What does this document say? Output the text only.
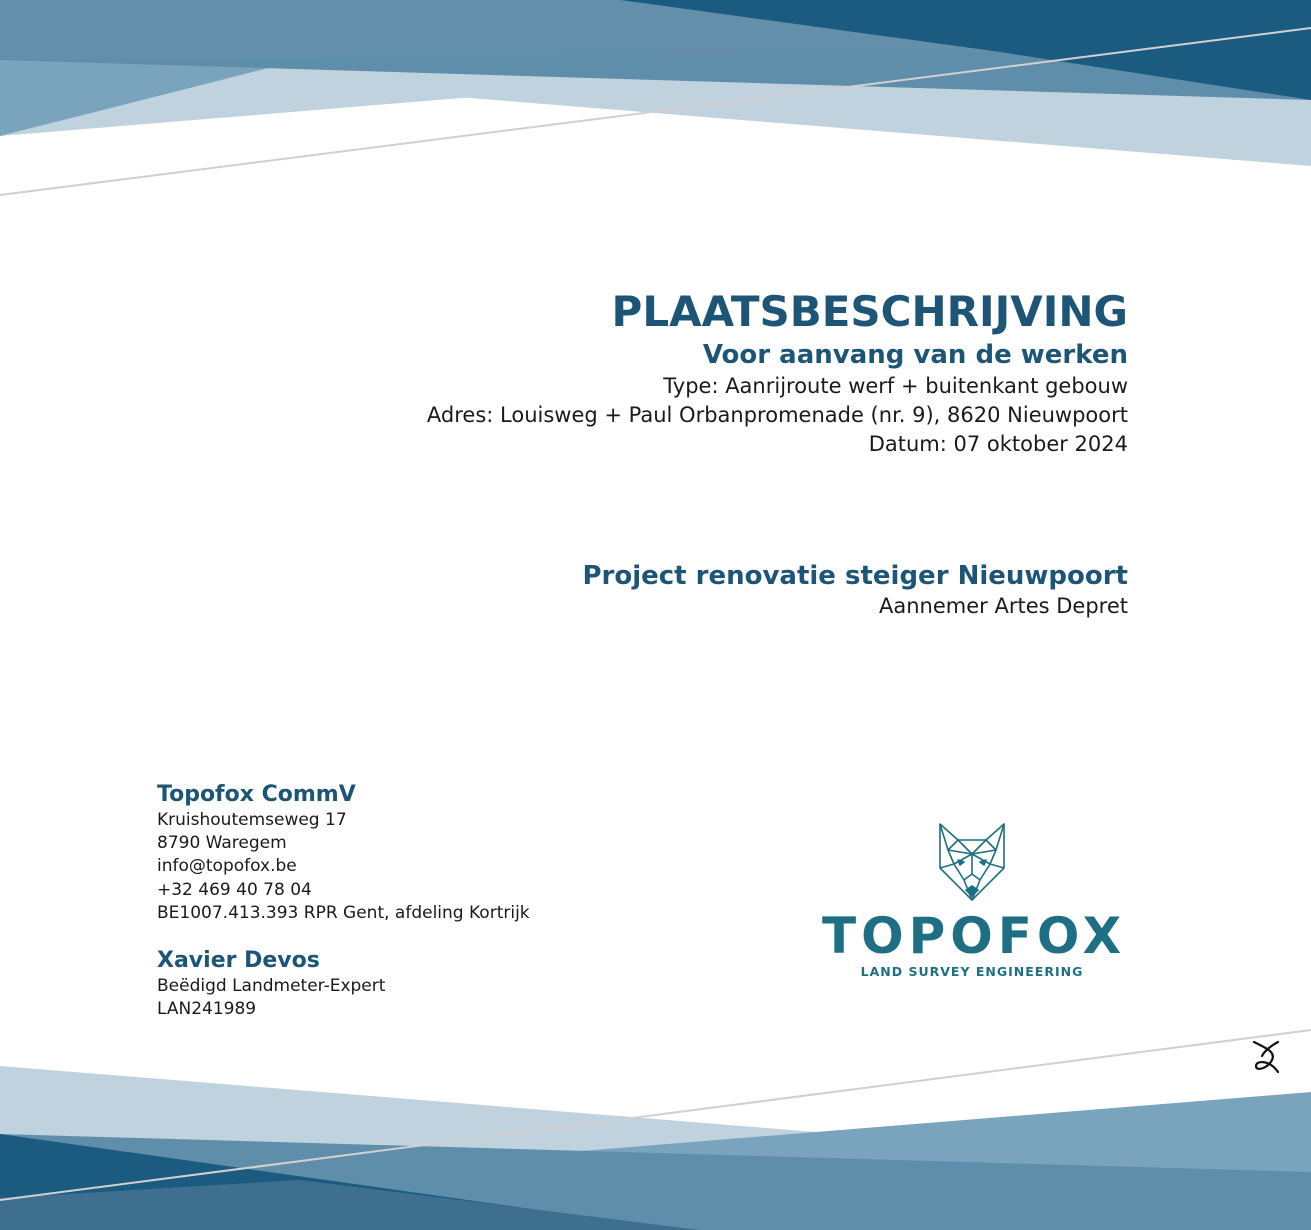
PLAATSBESCHRIJVING

Voor aanvang van de werken

Type: Aanrijroute werf + buitenkant gebouw

Adres: Louisweg + Paul Orbanpromenade (nr. 9), 8620 Nieuwpoort

Datum: 07 oktober 2024

Project renovatie steiger Nieuwpoort

Aannemer Artes Depret

Topofox CommV

Kruishoutemseweg 17

8790 Waregem

info@topofox.be

+32 469 40 78 04

BE1007.413.393 RPR Gent, afdeling Kortrijk

Xavier Devos

Beëdigd Landmeter-Expert

LAN241989

TOPOFOX
LAND SURVEY ENGINEERING
